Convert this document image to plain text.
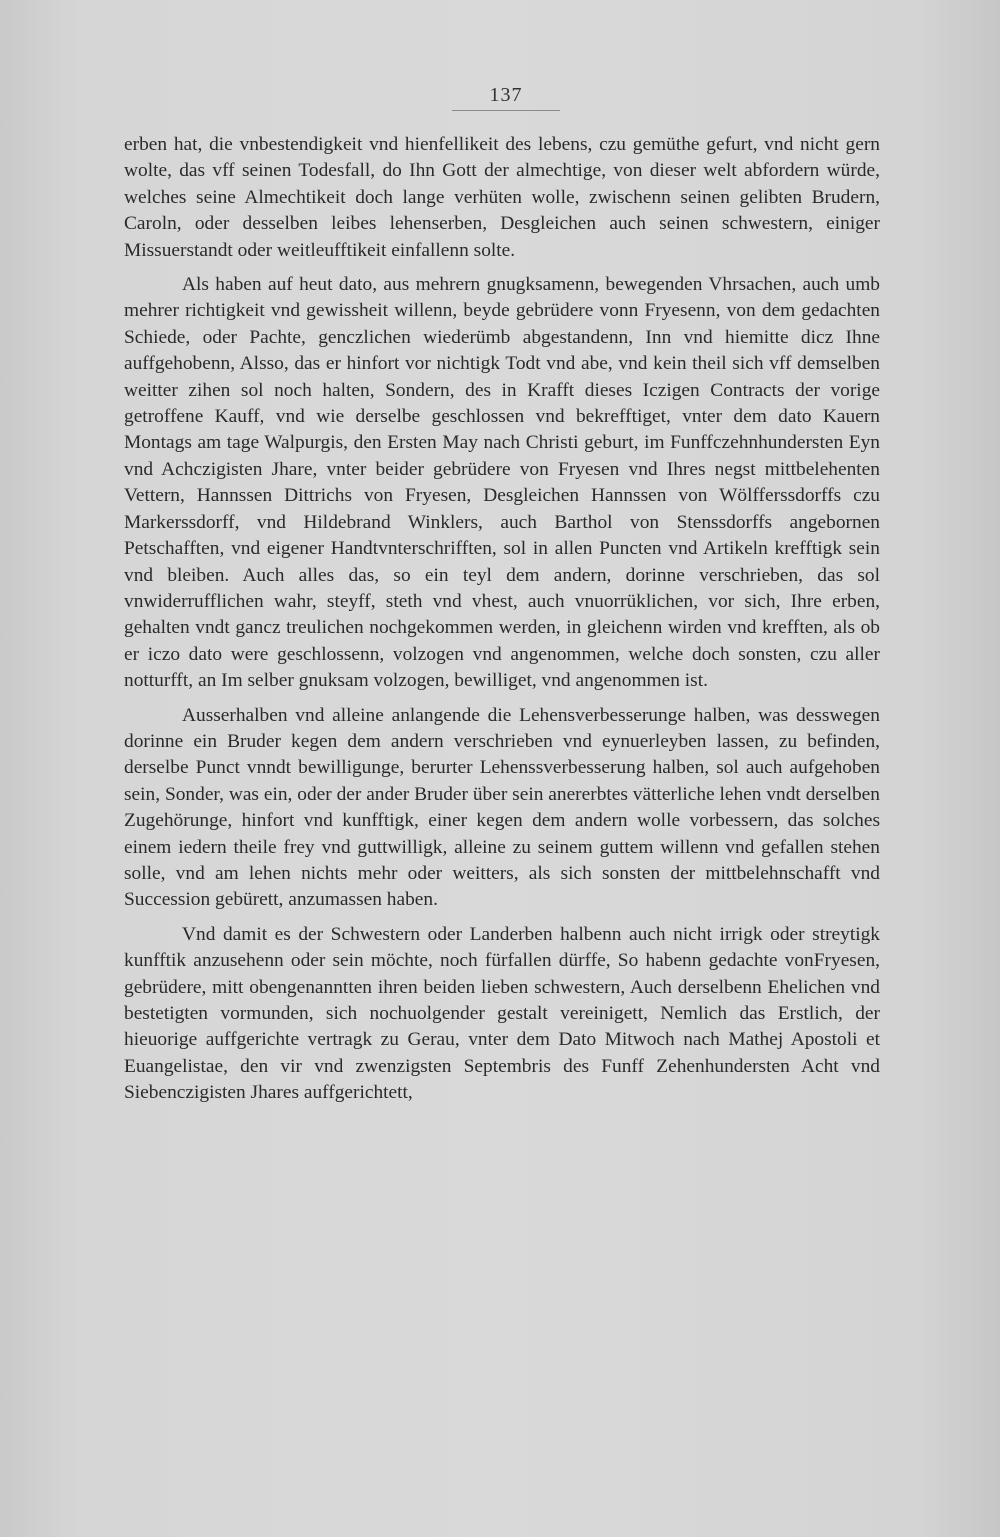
137

erben hat, die vnbestendigkeit vnd hienfellikeit des lebens, czu gemüthe gefurt, vnd nicht gern wolte, das vff seinen Todesfall, do Ihn Gott der almechtige, von dieser welt abfordern würde, welches seine Almechtikeit doch lange verhüten wolle, zwischenn seinen gelibten Brudern, Caroln, oder desselben leibes lehenserben, Desgleichen auch seinen schwestern, einiger Missuerstandt oder weitleufftikeit einfallenn solte.

Als haben auf heut dato, aus mehrern gnugksamenn, bewegenden Vhrsachen, auch umb mehrer richtigkeit vnd gewissheit willenn, beyde gebrüdere vonn Fryesenn, von dem gedachten Schiede, oder Pachte, genczlichen wiederümb abgestandenn, Inn vnd hiemitte dicz Ihne auffgehobenn, Alsso, das er hinfort vor nichtigk Todt vnd abe, vnd kein theil sich vff demselben weitter zihen sol noch halten, Sondern, des in Krafft dieses Iczigen Contracts der vorige getroffene Kauff, vnd wie derselbe geschlossen vnd bekrefftiget, vnter dem dato Kauern Montags am tage Walpurgis, den Ersten May nach Christi geburt, im Funffczehnhundersten Eyn vnd Achczigisten Jhare, vnter beider gebrüdere von Fryesen vnd Ihres negst mittbelehenten Vettern, Hannssen Dittrichs von Fryesen, Desgleichen Hannssen von Wölfferssdorffs czu Markerssdorff, vnd Hildebrand Winklers, auch Barthol von Stenssdorffs angebornen Petschafften, vnd eigener Handtvnterschrifften, sol in allen Puncten vnd Artikeln krefftigk sein vnd bleiben. Auch alles das, so ein teyl dem andern, dorinne verschrieben, das sol vnwiderrufflichen wahr, steyff, steth vnd vhest, auch vnuorrüklichen, vor sich, Ihre erben, gehalten vndt gancz treulichen nochgekommen werden, in gleichenn wirden vnd krefften, als ob er iczo dato were geschlossenn, volzogen vnd angenommen, welche doch sonsten, czu aller notturfft, an Im selber gnuksam volzogen, bewilliget, vnd angenommen ist.

Ausserhalben vnd alleine anlangende die Lehensverbesserunge halben, was desswegen dorinne ein Bruder kegen dem andern verschrieben vnd eynuerleyben lassen, zu befinden, derselbe Punct vnndt bewilligunge, berurter Lehenssverbesserung halben, sol auch aufgehoben sein, Sonder, was ein, oder der ander Bruder über sein anererbtes vätterliche lehen vndt derselben Zugehörunge, hinfort vnd kunfftigk, einer kegen dem andern wolle vorbessern, das solches einem iedern theile frey vnd guttwilligk, alleine zu seinem guttem willenn vnd gefallen stehen solle, vnd am lehen nichts mehr oder weitters, als sich sonsten der mittbelehnschafft vnd Succession gebürett, anzumassen haben.

Vnd damit es der Schwestern oder Landerben halbenn auch nicht irrigk oder streytigk kunfftik anzusehenn oder sein möchte, noch fürfallen dürffe, So habenn gedachte vonFryesen, gebrüdere, mitt obengenanntten ihren beiden lieben schwestern, Auch derselbenn Ehelichen vnd bestetigten vormunden, sich nochuolgender gestalt vereinigett, Nemlich das Erstlich, der hieuorige auffgerichte vertragk zu Gerau, vnter dem Dato Mitwoch nach Mathej Apostoli et Euangelistae, den vir vnd zwenzigsten Septembris des Funff Zehenhundersten Acht vnd Siebenczigisten Jhares auffgerichtett,
